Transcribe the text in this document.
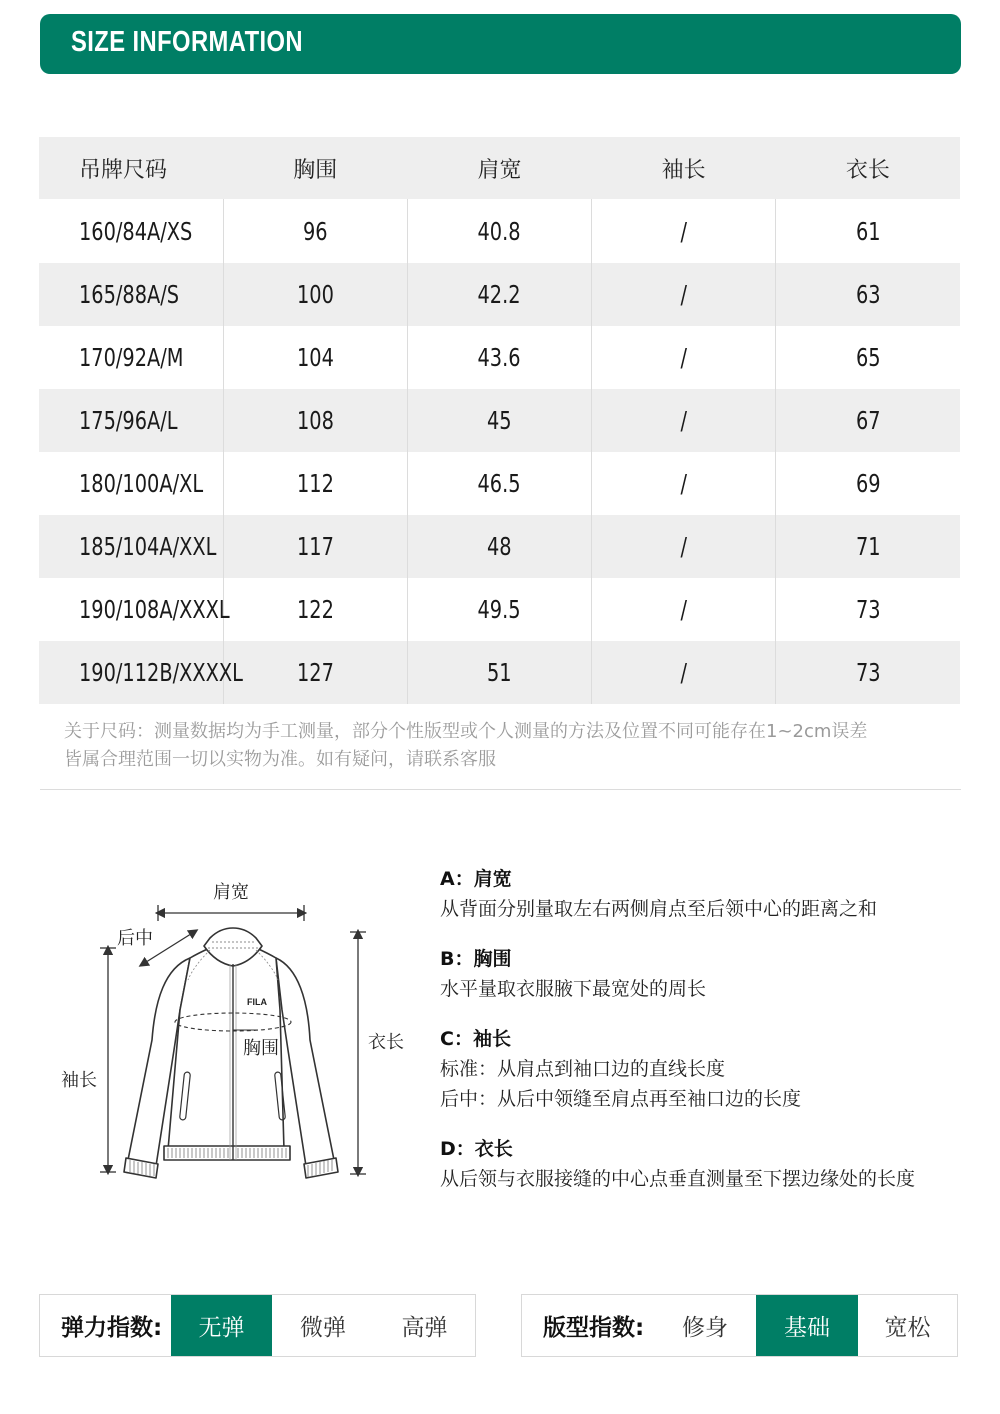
SIZE INFORMATION
吊牌尺码	胸围	肩宽	袖长	衣长
160/84A/XS	96	40.8	/	61
165/88A/S	100	42.2	/	63
170/92A/M	104	43.6	/	65
175/96A/L	108	45	/	67
180/100A/XL	112	46.5	/	69
185/104A/XXL	117	48	/	71
190/108A/XXXL	122	49.5	/	73
190/112B/XXXXL	127	51	/	73
关于尺码：测量数据均为手工测量，部分个性版型或个人测量的方法及位置不同可能存在1~2cm误差
皆属合理范围一切以实物为准。如有疑问，请联系客服
FILA
肩宽
后中
胸围	衣长
袖长
A：肩宽
从背面分别量取左右两侧肩点至后领中心的距离之和
B：胸围
水平量取衣服腋下最宽处的周长
C：袖长
标准：从肩点到袖口边的直线长度
后中：从后中领缝至肩点再至袖口边的长度
D：衣长
从后领与衣服接缝的中心点垂直测量至下摆边缘处的长度
弹力指数:	无弹	微弹	高弹	版型指数:	修身	基础	宽松
